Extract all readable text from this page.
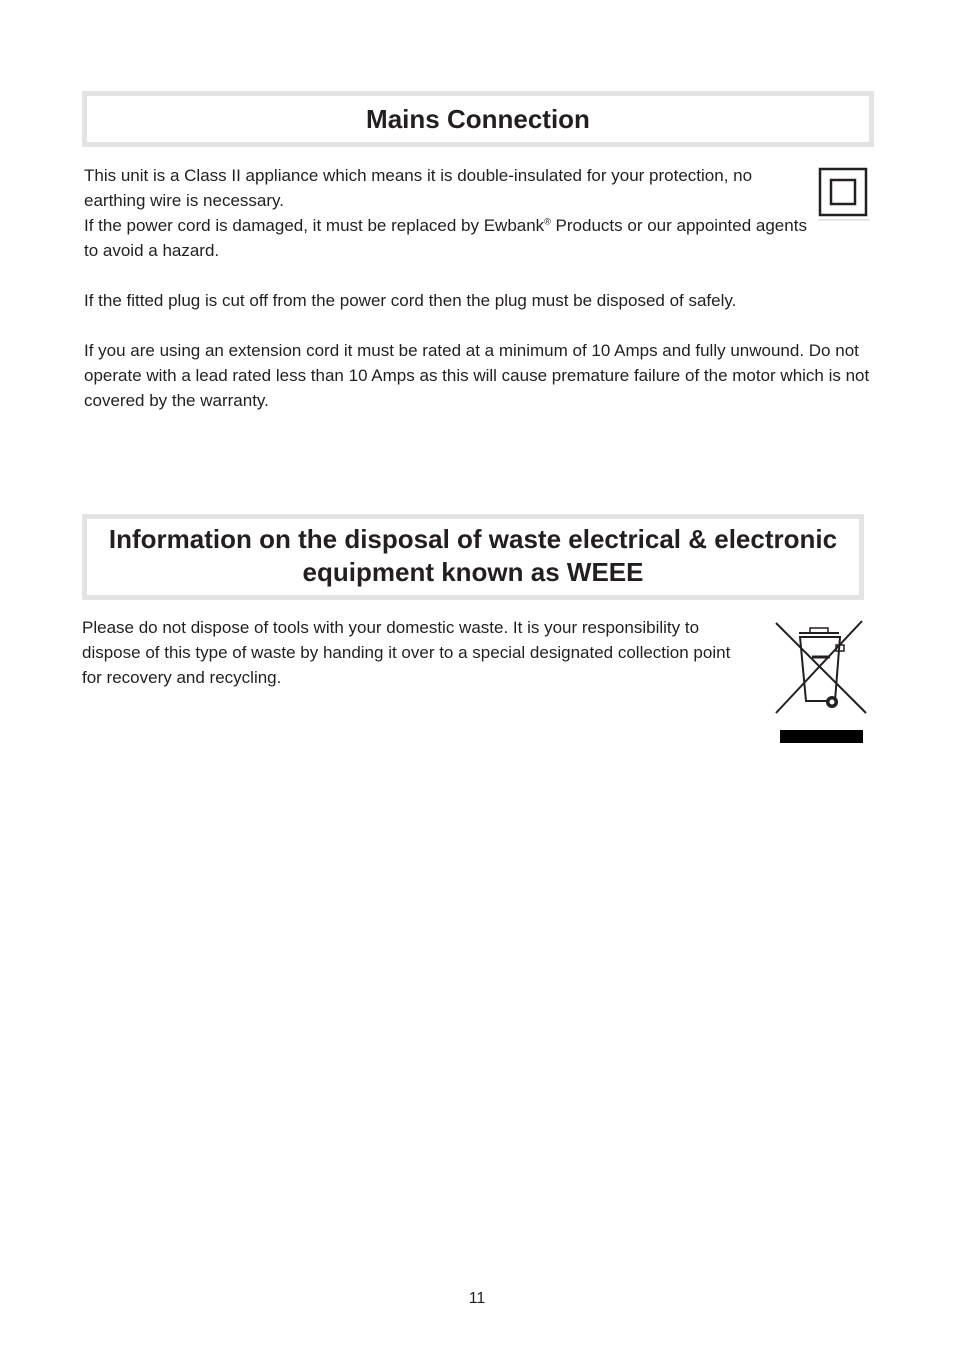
Mains Connection

This unit is a Class II appliance which means it is double-insulated for your protection, no earthing wire is necessary.

If the power cord is damaged, it must be replaced by Ewbank® Products or our appointed agents to avoid a hazard.

If the fitted plug is cut off from the power cord then the plug must be disposed of safely.

If you are using an extension cord it must be rated at a minimum of 10 Amps and fully unwound. Do not operate with a lead rated less than 10 Amps as this will cause premature failure of the motor which is not covered by the warranty.

Information on the disposal of waste electrical & electronic
equipment known as WEEE

Please do not dispose of tools with your domestic waste. It is your responsibility to dispose of this type of waste by handing it over to a special designated collection point for recovery and recycling.

11
